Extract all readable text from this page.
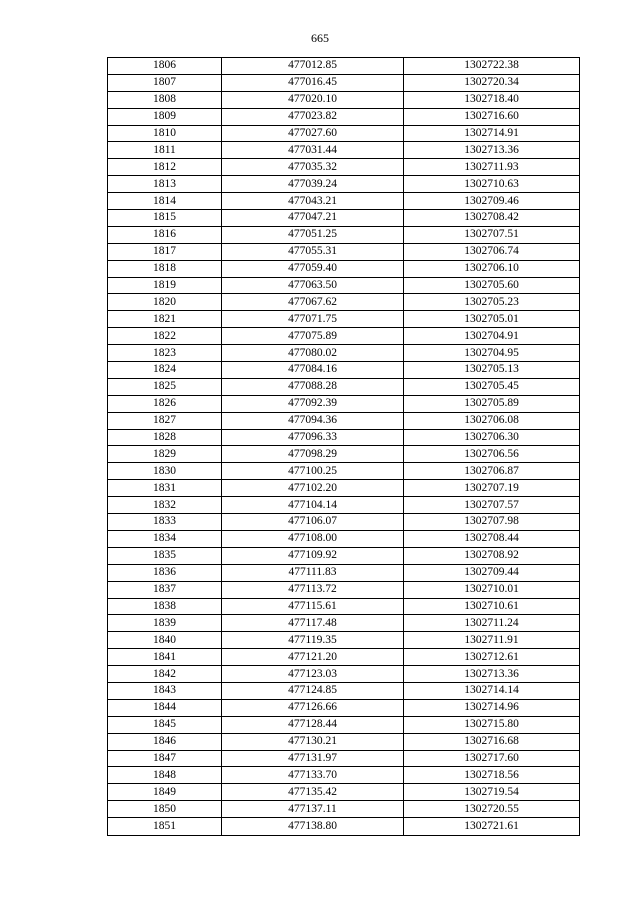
665
1806	477012.85	1302722.38
1807	477016.45	1302720.34
1808	477020.10	1302718.40
1809	477023.82	1302716.60
1810	477027.60	1302714.91
1811	477031.44	1302713.36
1812	477035.32	1302711.93
1813	477039.24	1302710.63
1814	477043.21	1302709.46
1815	477047.21	1302708.42
1816	477051.25	1302707.51
1817	477055.31	1302706.74
1818	477059.40	1302706.10
1819	477063.50	1302705.60
1820	477067.62	1302705.23
1821	477071.75	1302705.01
1822	477075.89	1302704.91
1823	477080.02	1302704.95
1824	477084.16	1302705.13
1825	477088.28	1302705.45
1826	477092.39	1302705.89
1827	477094.36	1302706.08
1828	477096.33	1302706.30
1829	477098.29	1302706.56
1830	477100.25	1302706.87
1831	477102.20	1302707.19
1832	477104.14	1302707.57
1833	477106.07	1302707.98
1834	477108.00	1302708.44
1835	477109.92	1302708.92
1836	477111.83	1302709.44
1837	477113.72	1302710.01
1838	477115.61	1302710.61
1839	477117.48	1302711.24
1840	477119.35	1302711.91
1841	477121.20	1302712.61
1842	477123.03	1302713.36
1843	477124.85	1302714.14
1844	477126.66	1302714.96
1845	477128.44	1302715.80
1846	477130.21	1302716.68
1847	477131.97	1302717.60
1848	477133.70	1302718.56
1849	477135.42	1302719.54
1850	477137.11	1302720.55
1851	477138.80	1302721.61
